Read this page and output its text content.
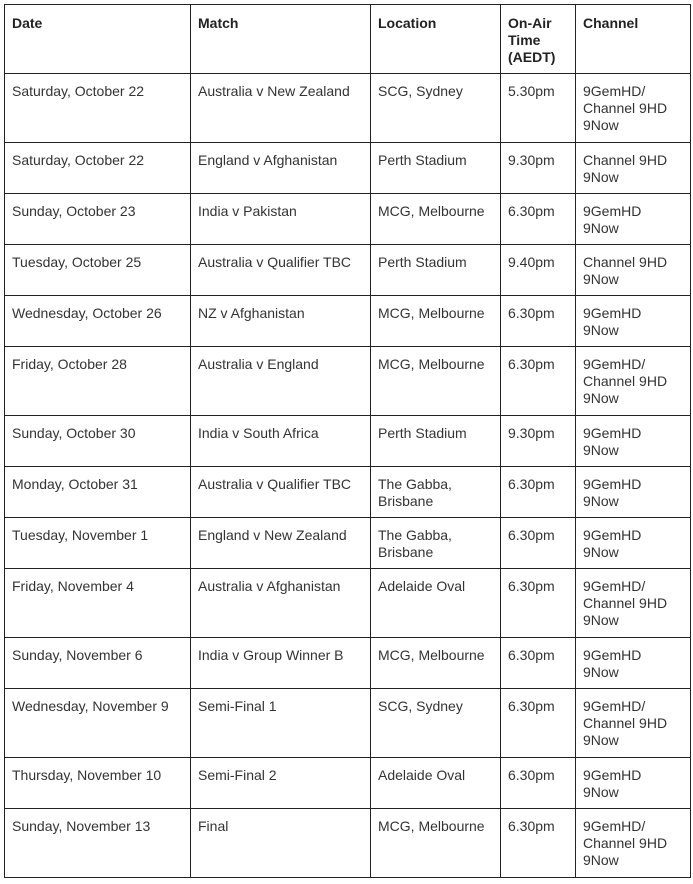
Date	Match	Location	On-Air
Time
(AEDT)	Channel
Saturday, October 22	Australia v New Zealand	SCG, Sydney	5.30pm	9GemHD/
Channel 9HD
9Now

Saturday, October 22	England v Afghanistan	Perth Stadium	9.30pm	Channel 9HD
9Now

Sunday, October 23	India v Pakistan	MCG, Melbourne	6.30pm	9GemHD
9Now

Tuesday, October 25	Australia v Qualifier TBC	Perth Stadium	9.40pm	Channel 9HD
9Now

Wednesday, October 26	NZ v Afghanistan	MCG, Melbourne	6.30pm	9GemHD
9Now

Friday, October 28	Australia v England	MCG, Melbourne	6.30pm	9GemHD/
Channel 9HD
9Now

Sunday, October 30	India v South Africa	Perth Stadium	9.30pm	9GemHD
9Now

Monday, October 31	Australia v Qualifier TBC	The Gabba,
Brisbane	6.30pm	9GemHD
9Now

Tuesday, November 1	England v New Zealand	The Gabba,
Brisbane	6.30pm	9GemHD
9Now

Friday, November 4	Australia v Afghanistan	Adelaide Oval	6.30pm	9GemHD/
Channel 9HD
9Now

Sunday, November 6	India v Group Winner B	MCG, Melbourne	6.30pm	9GemHD
9Now

Wednesday, November 9	Semi-Final 1	SCG, Sydney	6.30pm	9GemHD/
Channel 9HD
9Now

Thursday, November 10	Semi-Final 2	Adelaide Oval	6.30pm	9GemHD
9Now

Sunday, November 13	Final	MCG, Melbourne	6.30pm	9GemHD/
Channel 9HD
9Now
